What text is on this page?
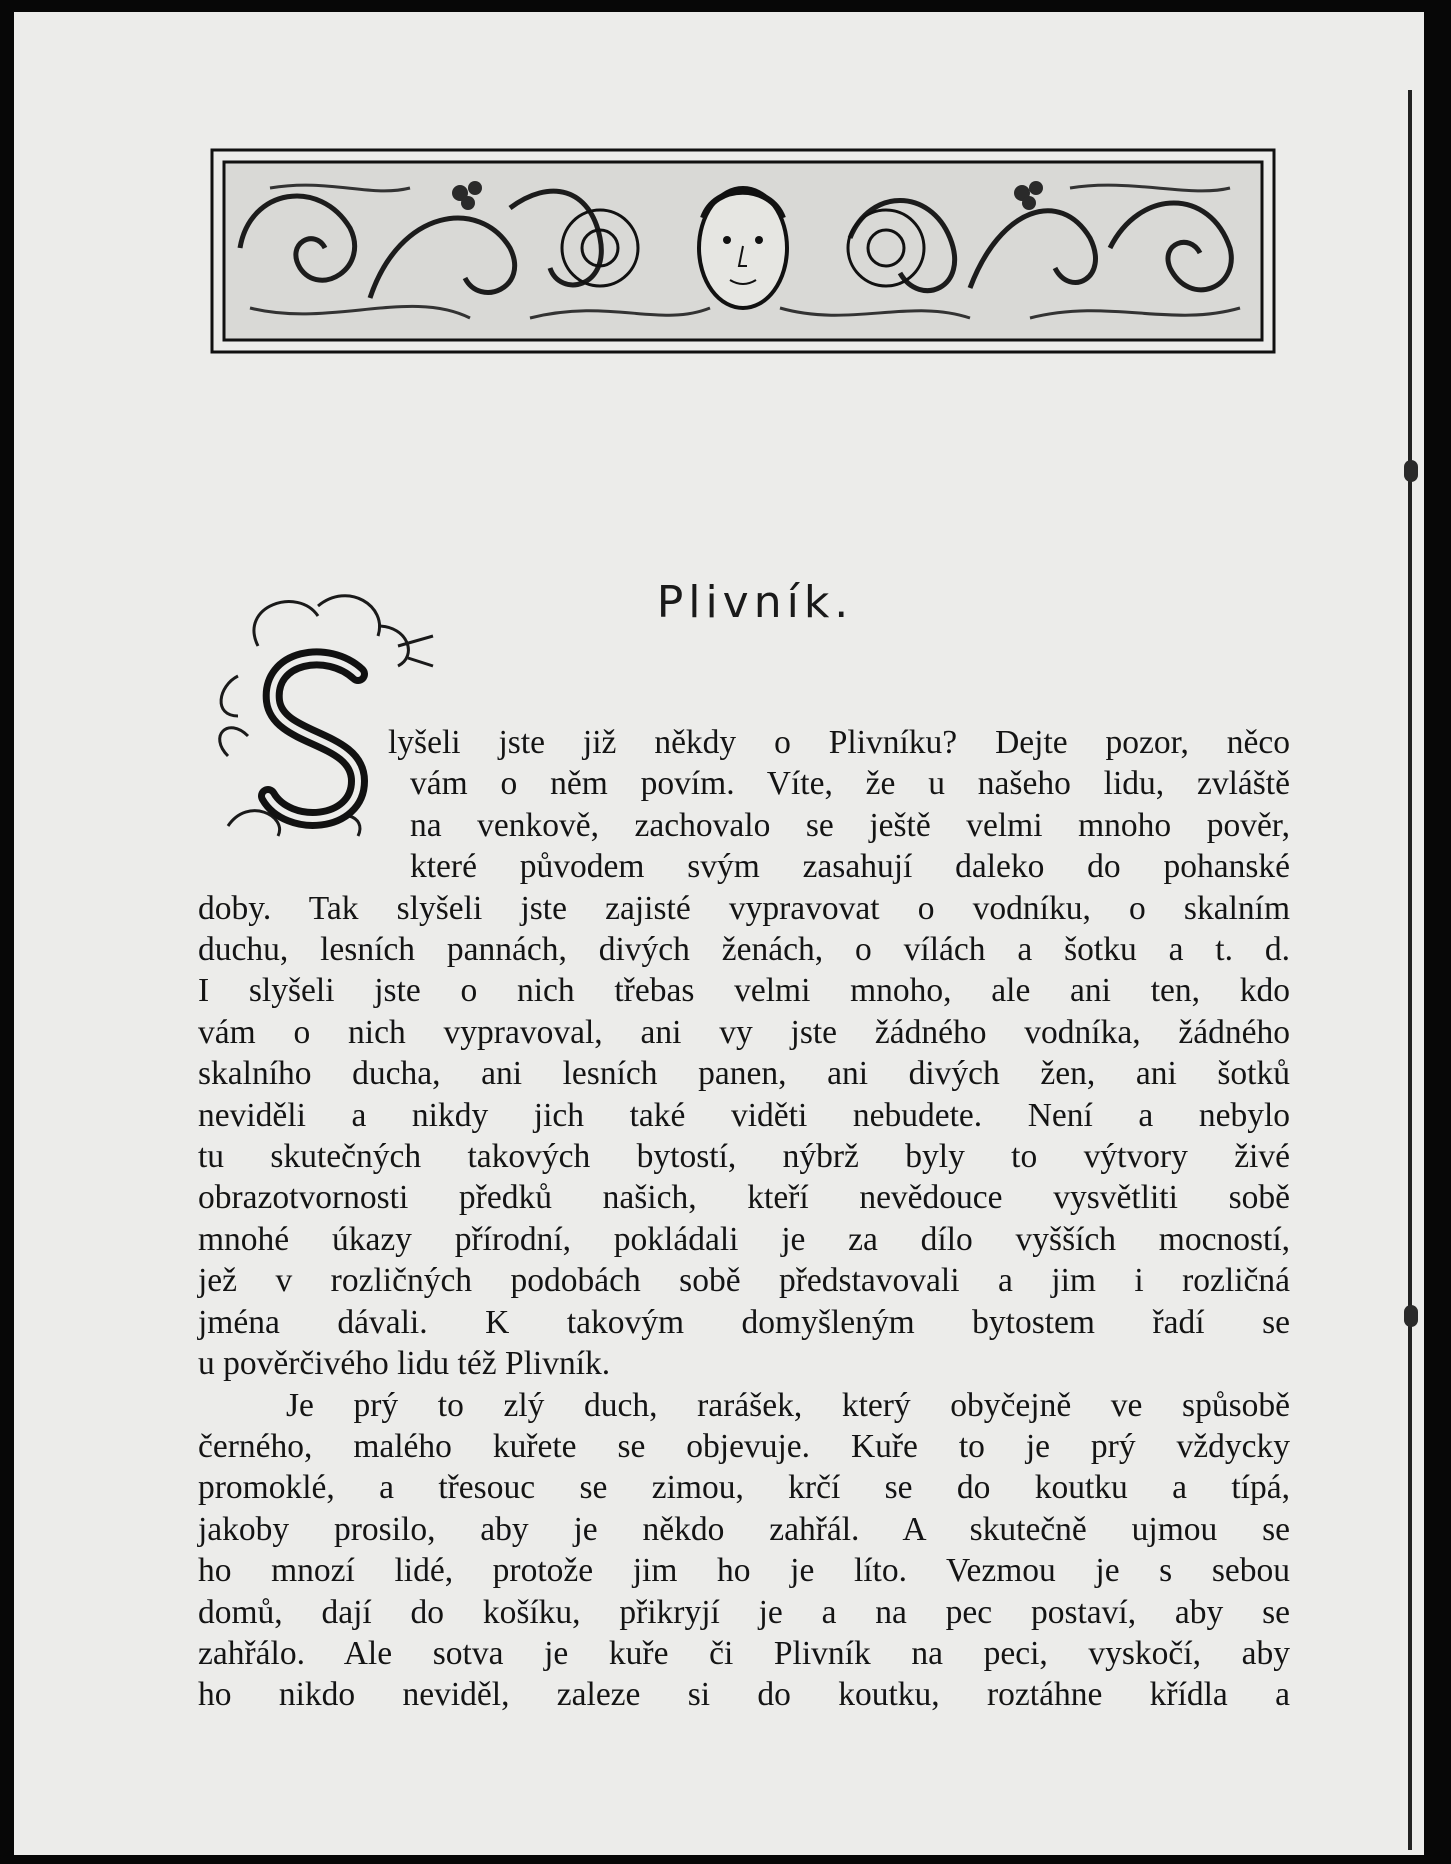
Plivník.
lyšeli jste již někdy o Plivníku? Dejte pozor, něco
vám o něm povím. Víte, že u našeho lidu, zvláště
na venkově, zachovalo se ještě velmi mnoho pověr,
které původem svým zasahují daleko do pohanské
doby. Tak slyšeli jste zajisté vypravovat o vodníku, o skalním
duchu, lesních pannách, divých ženách, o vílách a šotku a t. d.
I slyšeli jste o nich třebas velmi mnoho, ale ani ten, kdo
vám o nich vypravoval, ani vy jste žádného vodníka, žádného
skalního ducha, ani lesních panen, ani divých žen, ani šotků
neviděli a nikdy jich také viděti nebudete. Není a nebylo
tu skutečných takových bytostí, nýbrž byly to výtvory živé
obrazotvornosti předků našich, kteří nevědouce vysvětliti sobě
mnohé úkazy přírodní, pokládali je za dílo vyšších mocností,
jež v rozličných podobách sobě představovali a jim i rozličná
jména dávali. K takovým domyšleným bytostem řadí se
u pověrčivého lidu též Plivník.
Je prý to zlý duch, rarášek, který obyčejně ve spůsobě
černého, malého kuřete se objevuje. Kuře to je prý vždycky
promoklé, a třesouc se zimou, krčí se do koutku a típá,
jakoby prosilo, aby je někdo zahřál. A skutečně ujmou se
ho mnozí lidé, protože jim ho je líto. Vezmou je s sebou
domů, dají do košíku, přikryjí je a na pec postaví, aby se
zahřálo. Ale sotva je kuře či Plivník na peci, vyskočí, aby
ho nikdo neviděl, zaleze si do koutku, roztáhne křídla a
